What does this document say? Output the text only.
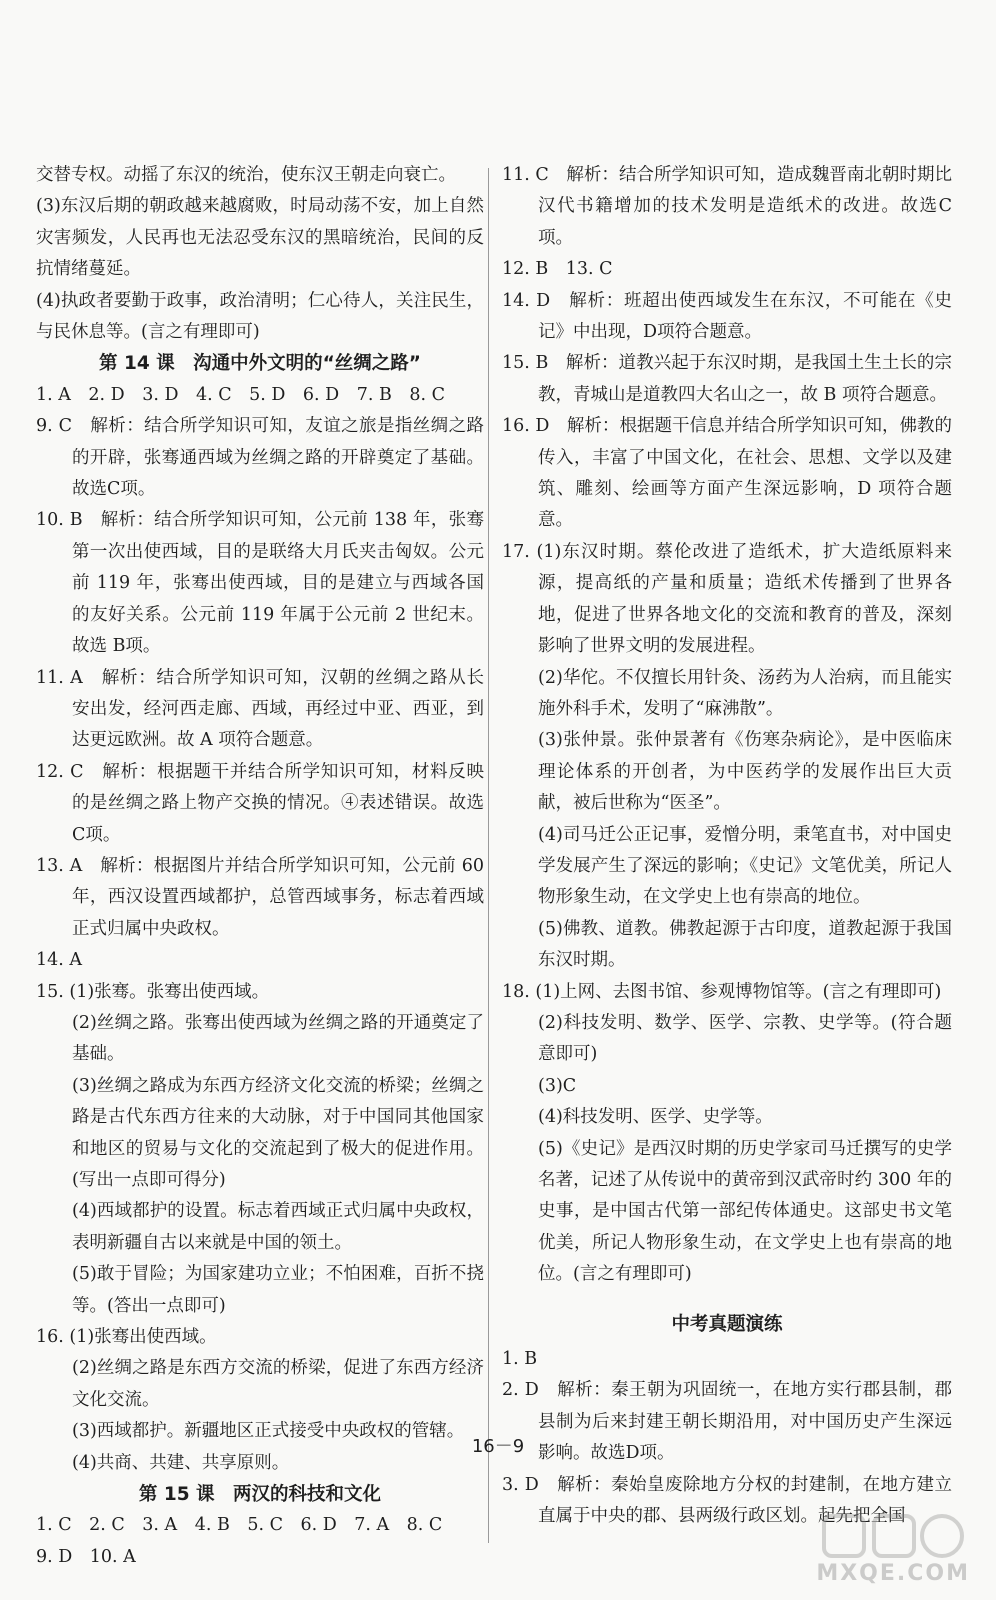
交替专权。动摇了东汉的统治，使东汉王朝走向衰亡。

(3)东汉后期的朝政越来越腐败，时局动荡不安，加上自然灾害频发，人民再也无法忍受东汉的黑暗统治，民间的反抗情绪蔓延。

(4)执政者要勤于政事，政治清明；仁心待人，关注民生，与民休息等。(言之有理即可)

第 14 课　沟通中外文明的“丝绸之路”

1. A　2. D　3. D　4. C　5. D　6. D　7. B　8. C

9. C　解析：结合所学知识可知，友谊之旅是指丝绸之路的开辟，张骞通西域为丝绸之路的开辟奠定了基础。故选C项。

10. B　解析：结合所学知识可知，公元前 138 年，张骞第一次出使西域，目的是联络大月氏夹击匈奴。公元前 119 年，张骞出使西域，目的是建立与西域各国的友好关系。公元前 119 年属于公元前 2 世纪末。故选 B项。

11. A　解析：结合所学知识可知，汉朝的丝绸之路从长安出发，经河西走廊、西域，再经过中亚、西亚，到达更远欧洲。故 A 项符合题意。

12. C　解析：根据题干并结合所学知识可知，材料反映的是丝绸之路上物产交换的情况。④表述错误。故选C项。

13. A　解析：根据图片并结合所学知识可知，公元前 60 年，西汉设置西域都护，总管西域事务，标志着西域正式归属中央政权。

14. A

15. (1)张骞。张骞出使西域。

(2)丝绸之路。张骞出使西域为丝绸之路的开通奠定了基础。

(3)丝绸之路成为东西方经济文化交流的桥梁；丝绸之路是古代东西方往来的大动脉，对于中国同其他国家和地区的贸易与文化的交流起到了极大的促进作用。(写出一点即可得分)

(4)西域都护的设置。标志着西域正式归属中央政权，表明新疆自古以来就是中国的领土。

(5)敢于冒险；为国家建功立业；不怕困难，百折不挠等。(答出一点即可)

16. (1)张骞出使西域。

(2)丝绸之路是东西方交流的桥梁，促进了东西方经济文化交流。

(3)西域都护。新疆地区正式接受中央政权的管辖。

(4)共商、共建、共享原则。

第 15 课　两汉的科技和文化

1. C　2. C　3. A　4. B　5. C　6. D　7. A　8. C

9. D　10. A

11. C　解析：结合所学知识可知，造成魏晋南北朝时期比汉代书籍增加的技术发明是造纸术的改进。故选C项。

12. B　13. C

14. D　解析：班超出使西域发生在东汉，不可能在《史记》中出现，D项符合题意。

15. B　解析：道教兴起于东汉时期，是我国土生土长的宗教，青城山是道教四大名山之一，故 B 项符合题意。

16. D　解析：根据题干信息并结合所学知识可知，佛教的传入，丰富了中国文化，在社会、思想、文学以及建筑、雕刻、绘画等方面产生深远影响，D 项符合题意。

17. (1)东汉时期。蔡伦改进了造纸术，扩大造纸原料来源，提高纸的产量和质量；造纸术传播到了世界各地，促进了世界各地文化的交流和教育的普及，深刻影响了世界文明的发展进程。

(2)华佗。不仅擅长用针灸、汤药为人治病，而且能实施外科手术，发明了“麻沸散”。

(3)张仲景。张仲景著有《伤寒杂病论》，是中医临床理论体系的开创者，为中医药学的发展作出巨大贡献，被后世称为“医圣”。

(4)司马迁公正记事，爱憎分明，秉笔直书，对中国史学发展产生了深远的影响；《史记》文笔优美，所记人物形象生动，在文学史上也有崇高的地位。

(5)佛教、道教。佛教起源于古印度，道教起源于我国东汉时期。

18. (1)上网、去图书馆、参观博物馆等。(言之有理即可)

(2)科技发明、数学、医学、宗教、史学等。(符合题意即可)

(3)C

(4)科技发明、医学、史学等。

(5)《史记》是西汉时期的历史学家司马迁撰写的史学名著，记述了从传说中的黄帝到汉武帝时约 300 年的史事，是中国古代第一部纪传体通史。这部史书文笔优美，所记人物形象生动，在文学史上也有崇高的地位。(言之有理即可)

中考真题演练

1. B

2. D　解析：秦王朝为巩固统一，在地方实行郡县制，郡县制为后来封建王朝长期沿用，对中国历史产生深远影响。故选D项。

3. D　解析：秦始皇废除地方分权的封建制，在地方建立直属于中央的郡、县两级行政区划。起先把全国

16－9
MXQE.COM
